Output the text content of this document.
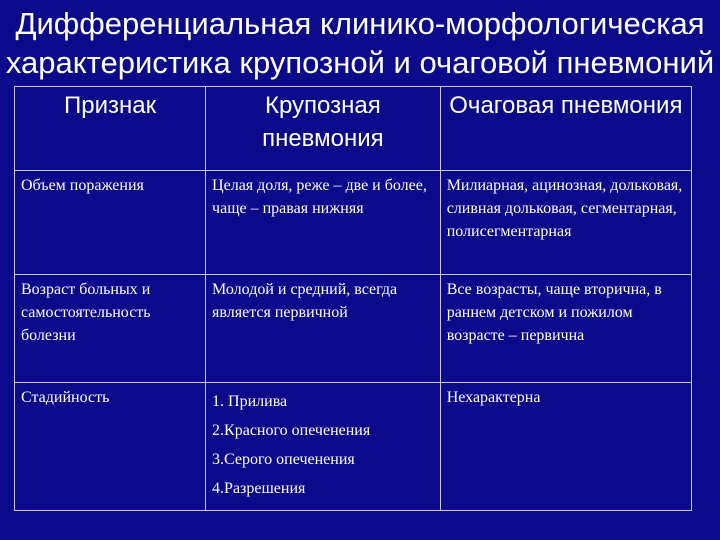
Дифференциальная клинико-морфологическая
характеристика крупозной и очаговой пневмоний
Признак	Крупозная пневмония	Очаговая пневмония
Объем поражения	Целая доля, реже – две и более, чаще – правая нижняя	Милиарная, ацинозная, дольковая, сливная дольковая, сегментарная, полисегментарная
Возраст больных и самостоятельность болезни	Молодой и средний, всегда является первичной	Все возрасты, чаще вторична, в раннем детском и пожилом возрасте – первична
Стадийность	1. Прилива
2.Красного опеченения
3.Серого опеченения
4.Разрешения	Нехарактерна
